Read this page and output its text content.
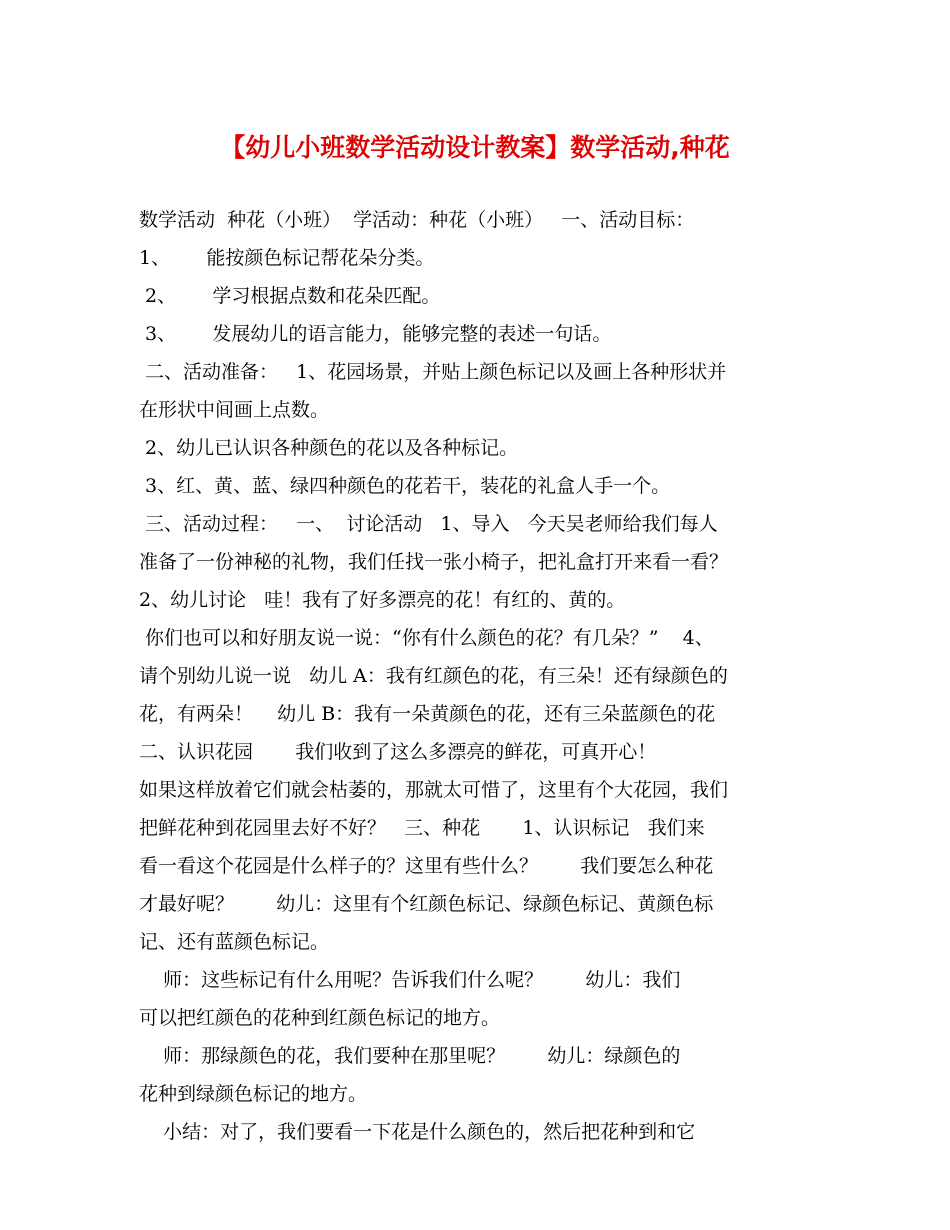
【幼儿小班数学活动设计教案】数学活动,种花
数学活动  种花（小班）  学活动：种花（小班）   一、活动目标：
1、      能按颜色标记帮花朵分类。
2、      学习根据点数和花朵匹配。
3、      发展幼儿的语言能力，能够完整的表述一句话。
二、活动准备：   1、花园场景，并贴上颜色标记以及画上各种形状并
在形状中间画上点数。
2、幼儿已认识各种颜色的花以及各种标记。
3、红、黄、蓝、绿四种颜色的花若干，装花的礼盒人手一个。
三、活动过程：   一、  讨论活动   1、导入   今天吴老师给我们每人
准备了一份神秘的礼物，我们任找一张小椅子，把礼盒打开来看一看？
2、幼儿讨论   哇！我有了好多漂亮的花！有红的、黄的。
你们也可以和好朋友说一说：“你有什么颜色的花？有几朵？”    4、
请个别幼儿说一说   幼儿 A：我有红颜色的花，有三朵！还有绿颜色的
花，有两朵！    幼儿 B：我有一朵黄颜色的花，还有三朵蓝颜色的花
二、认识花园       我们收到了这么多漂亮的鲜花，可真开心！
如果这样放着它们就会枯萎的，那就太可惜了，这里有个大花园，我们
把鲜花种到花园里去好不好？   三、种花       1、认识标记   我们来
看一看这个花园是什么样子的？这里有些什么？       我们要怎么种花
才最好呢？       幼儿：这里有个红颜色标记、绿颜色标记、黄颜色标
记、还有蓝颜色标记。
师：这些标记有什么用呢？告诉我们什么呢？       幼儿：我们
可以把红颜色的花种到红颜色标记的地方。
师：那绿颜色的花，我们要种在那里呢？       幼儿：绿颜色的
花种到绿颜色标记的地方。
小结：对了，我们要看一下花是什么颜色的，然后把花种到和它
